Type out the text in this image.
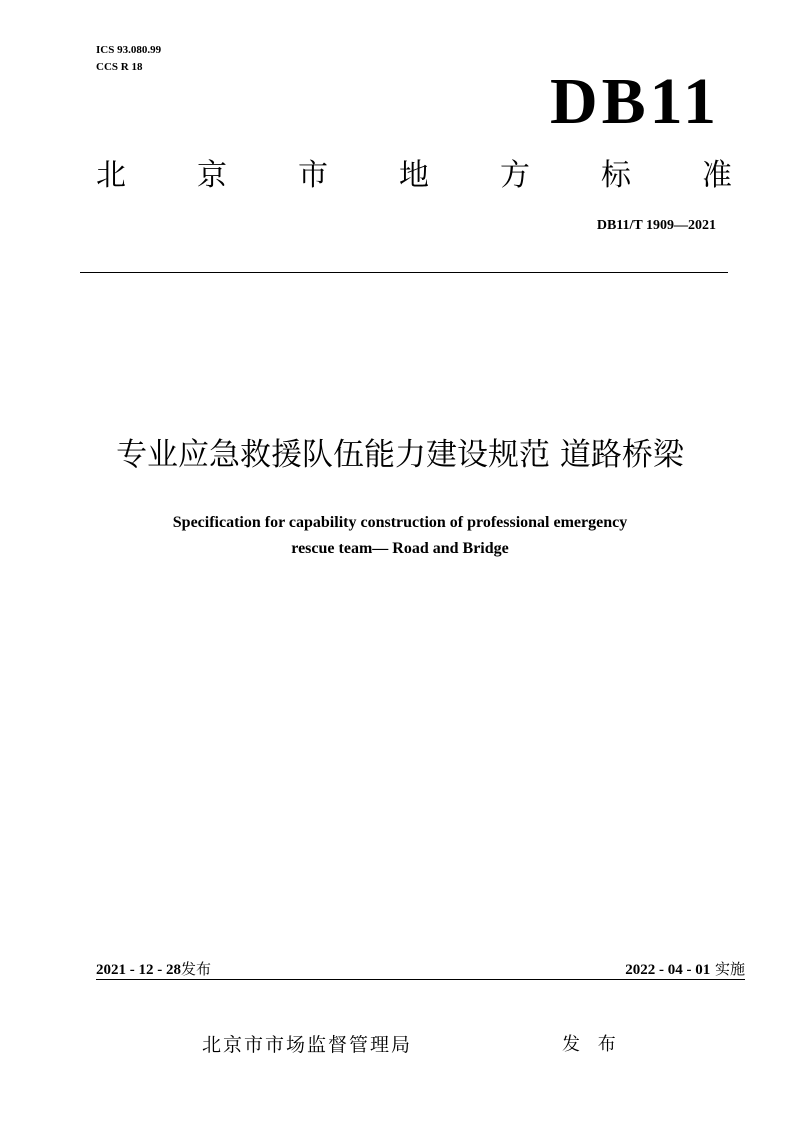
ICS 93.080.99
CCS R 18	DB11
北 京 市 地 方 标 准
DB11/T 1909—2021
专业应急救援队伍能力建设规范 道路桥梁
Specification for capability construction of professional emergency
rescue team— Road and Bridge
2021 - 12 - 28发布	2022 - 04 - 01 实施
北京市市场监督管理局	发 布
